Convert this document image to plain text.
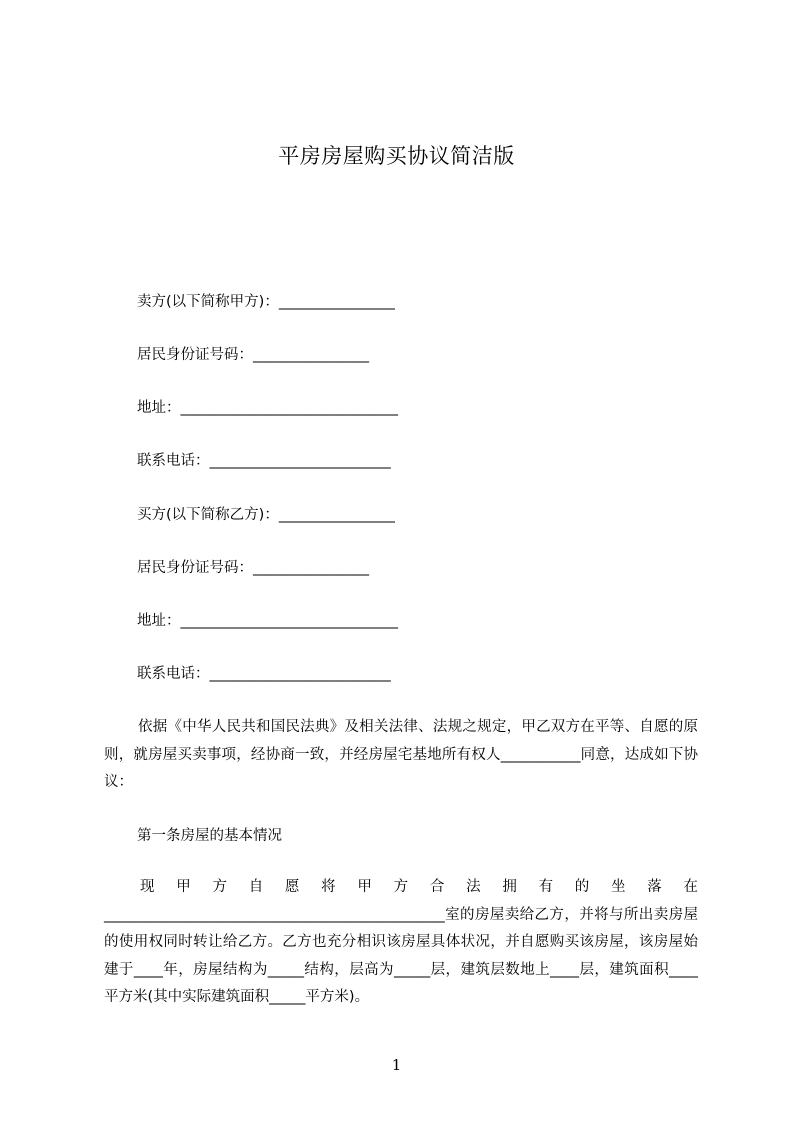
平房房屋购买协议简洁版
卖方(以下简称甲方)：________________
居民身份证号码：________________
地址：______________________________
联系电话：_________________________
买方(以下简称乙方)：________________
居民身份证号码：________________
地址：______________________________
联系电话：_________________________
依据《中华人民共和国民法典》及相关法律、法规之规定，甲乙双方在平等、自愿的原则，就房屋买卖事项，经协商一致，并经房屋宅基地所有权人___________同意，达成如下协议：
第一条房屋的基本情况
现甲方自愿将甲方合法拥有的坐落在_______________________________________________室的房屋卖给乙方，并将与所出卖房屋的使用权同时转让给乙方。乙方也充分相识该房屋具体状况，并自愿购买该房屋，该房屋始建于____年，房屋结构为_____结构，层高为_____层，建筑层数地上____层，建筑面积____平方米(其中实际建筑面积_____平方米)。
1
